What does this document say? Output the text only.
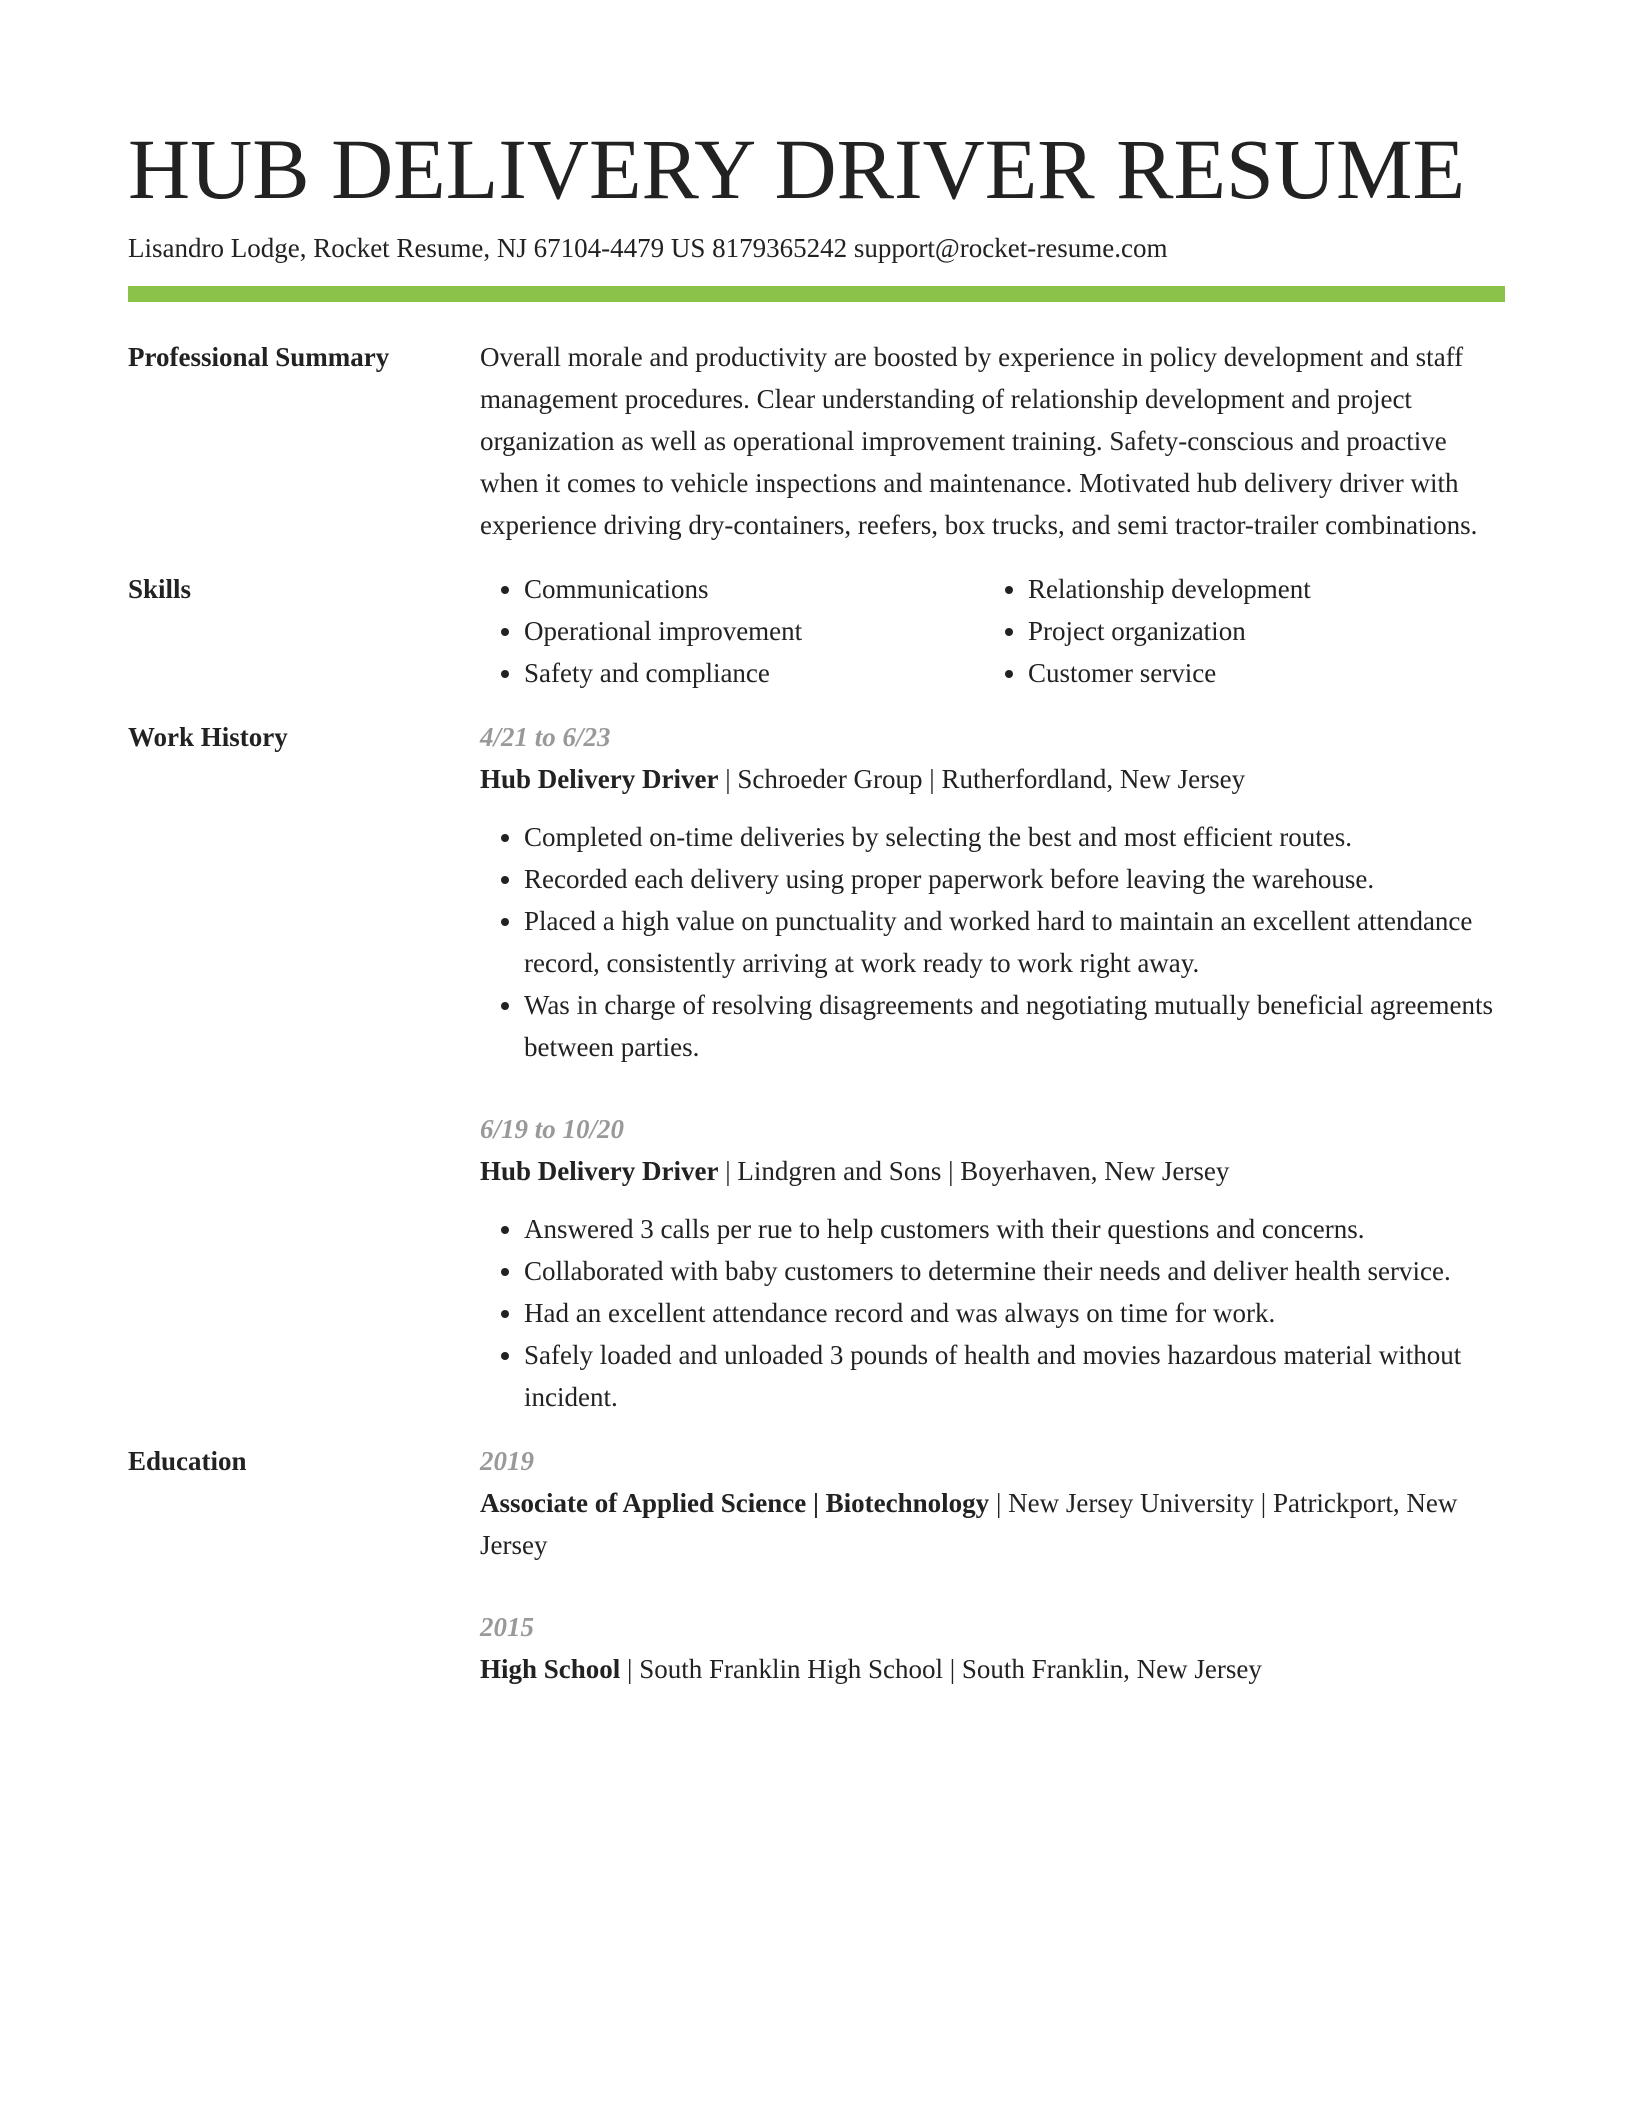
HUB DELIVERY DRIVER RESUME
Lisandro Lodge, Rocket Resume, NJ 67104-4479 US 8179365242 support@rocket-resume.com
Professional Summary	Overall morale and productivity are boosted by experience in policy development and staff management procedures. Clear understanding of relationship development and project organization as well as operational improvement training. Safety-conscious and proactive when it comes to vehicle inspections and maintenance. Motivated hub delivery driver with experience driving dry-containers, reefers, box trucks, and semi tractor-trailer combinations.

Skills
•	Communications
• Operational improvement
• Safety and compliance
• Relationship development
• Project organization
• Customer service
Work History	4/21 to 6/23
Hub Delivery Driver | Schroeder Group | Rutherfordland, New Jersey
• Completed on-time deliveries by selecting the best and most efficient routes.
• Recorded each delivery using proper paperwork before leaving the warehouse.
• Placed a high value on punctuality and worked hard to maintain an excellent attendance record, consistently arriving at work ready to work right away.
• Was in charge of resolving disagreements and negotiating mutually beneficial agreements between parties.
6/19 to 10/20
Hub Delivery Driver | Lindgren and Sons | Boyerhaven, New Jersey
• Answered 3 calls per rue to help customers with their questions and concerns.
• Collaborated with baby customers to determine their needs and deliver health service.
• Had an excellent attendance record and was always on time for work.
• Safely loaded and unloaded 3 pounds of health and movies hazardous material without incident.
Education	2019
Associate of Applied Science | Biotechnology | New Jersey University | Patrickport, New Jersey
2015
High School | South Franklin High School | South Franklin, New Jersey
